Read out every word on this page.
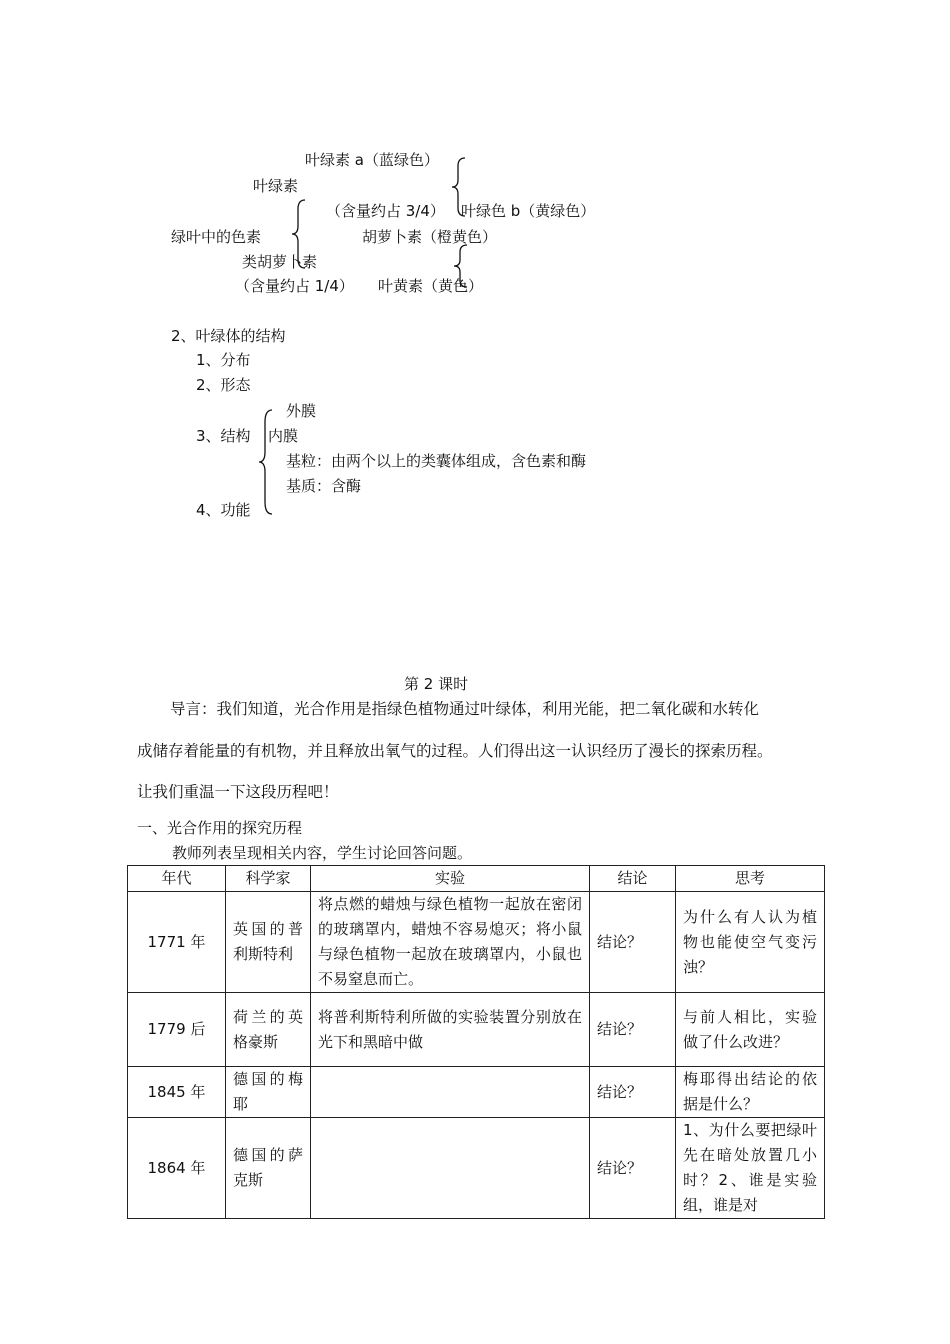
叶绿素 a（蓝绿色）
叶绿素
（含量约占 3/4） 叶绿色 b（黄绿色）
绿叶中的色素	胡萝卜素（橙黄色）
类胡萝卜素
（含量约占 1/4） 叶黄素（黄色）
2、叶绿体的结构
1、分布
2、形态
外膜
3、结构 内膜
基粒：由两个以上的类囊体组成，含色素和酶
基质：含酶
4、功能
第 2 课时
导言：我们知道，光合作用是指绿色植物通过叶绿体，利用光能，把二氧化碳和水转化
成储存着能量的有机物，并且释放出氧气的过程。人们得出这一认识经历了漫长的探索历程。
让我们重温一下这段历程吧！
一、光合作用的探究历程
教师列表呈现相关内容，学生讨论回答问题。
年代	科学家	实验	结论	思考
1771 年	英国的普利斯特利	将点燃的蜡烛与绿色植物一起放在密闭的玻璃罩内，蜡烛不容易熄灭；将小鼠与绿色植物一起放在玻璃罩内，小鼠也不易窒息而亡。	结论？	为什么有人认为植物也能使空气变污浊？
1779 后	荷兰的英格豪斯	将普利斯特利所做的实验装置分别放在光下和黑暗中做	结论？	与前人相比，实验做了什么改进？
1845 年	德国的梅耶		结论？	梅耶得出结论的依据是什么？
1864 年	德国的萨克斯		结论？	1、为什么要把绿叶先在暗处放置几小时？2、谁是实验组，谁是对
